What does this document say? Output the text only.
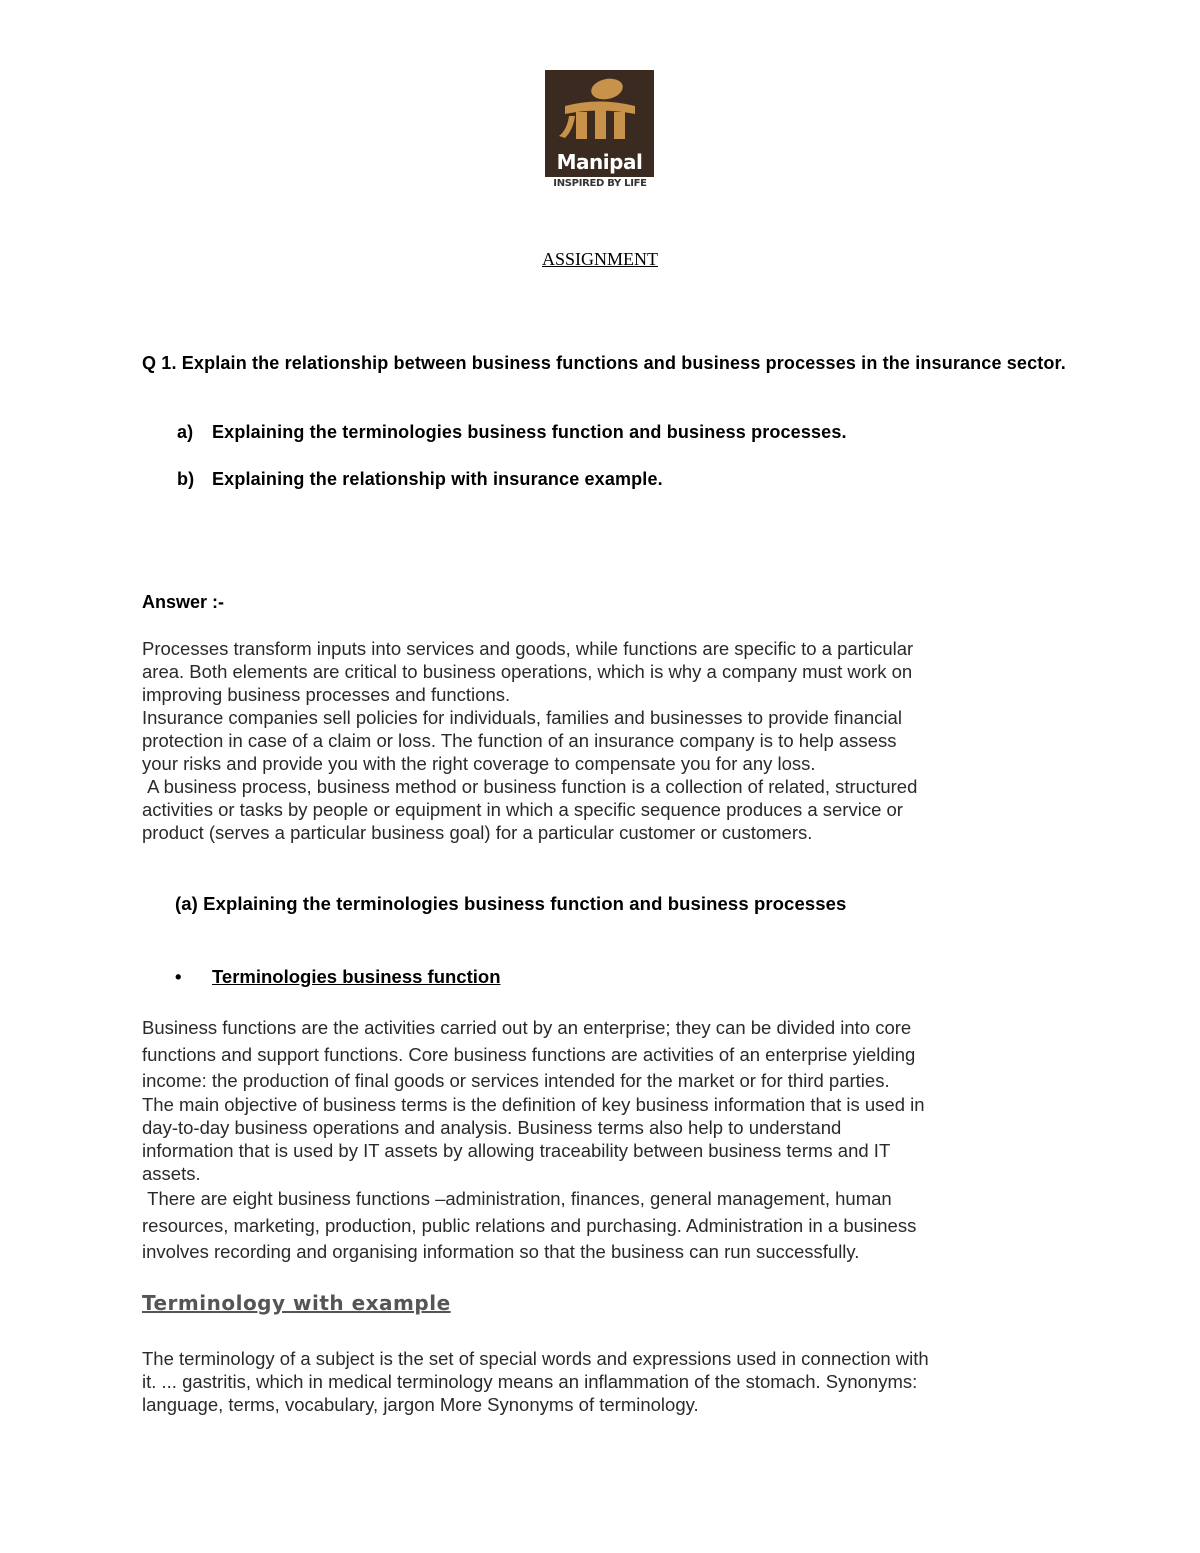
Manipal
INSPIRED BY LIFE
ASSIGNMENT
Q 1. Explain the relationship between business functions and business processes in the insurance sector.
a) Explaining the terminologies business function and business processes.
b) Explaining the relationship with insurance example.
Answer :-
Processes transform inputs into services and goods, while functions are specific to a particular
area. Both elements are critical to business operations, which is why a company must work on
improving business processes and functions.
Insurance companies sell policies for individuals, families and businesses to provide financial
protection in case of a claim or loss. The function of an insurance company is to help assess
your risks and provide you with the right coverage to compensate you for any loss.
A business process, business method or business function is a collection of related, structured
activities or tasks by people or equipment in which a specific sequence produces a service or
product (serves a particular business goal) for a particular customer or customers.
(a) Explaining the terminologies business function and business processes
• Terminologies business function
Business functions are the activities carried out by an enterprise; they can be divided into core
functions and support functions. Core business functions are activities of an enterprise yielding
income: the production of final goods or services intended for the market or for third parties.
The main objective of business terms is the definition of key business information that is used in
day-to-day business operations and analysis. Business terms also help to understand
information that is used by IT assets by allowing traceability between business terms and IT
assets.
There are eight business functions –administration, finances, general management, human
resources, marketing, production, public relations and purchasing. Administration in a business
involves recording and organising information so that the business can run successfully.
Terminology with example
The terminology of a subject is the set of special words and expressions used in connection with
it. ... gastritis, which in medical terminology means an inflammation of the stomach. Synonyms:
language, terms, vocabulary, jargon More Synonyms of terminology.
